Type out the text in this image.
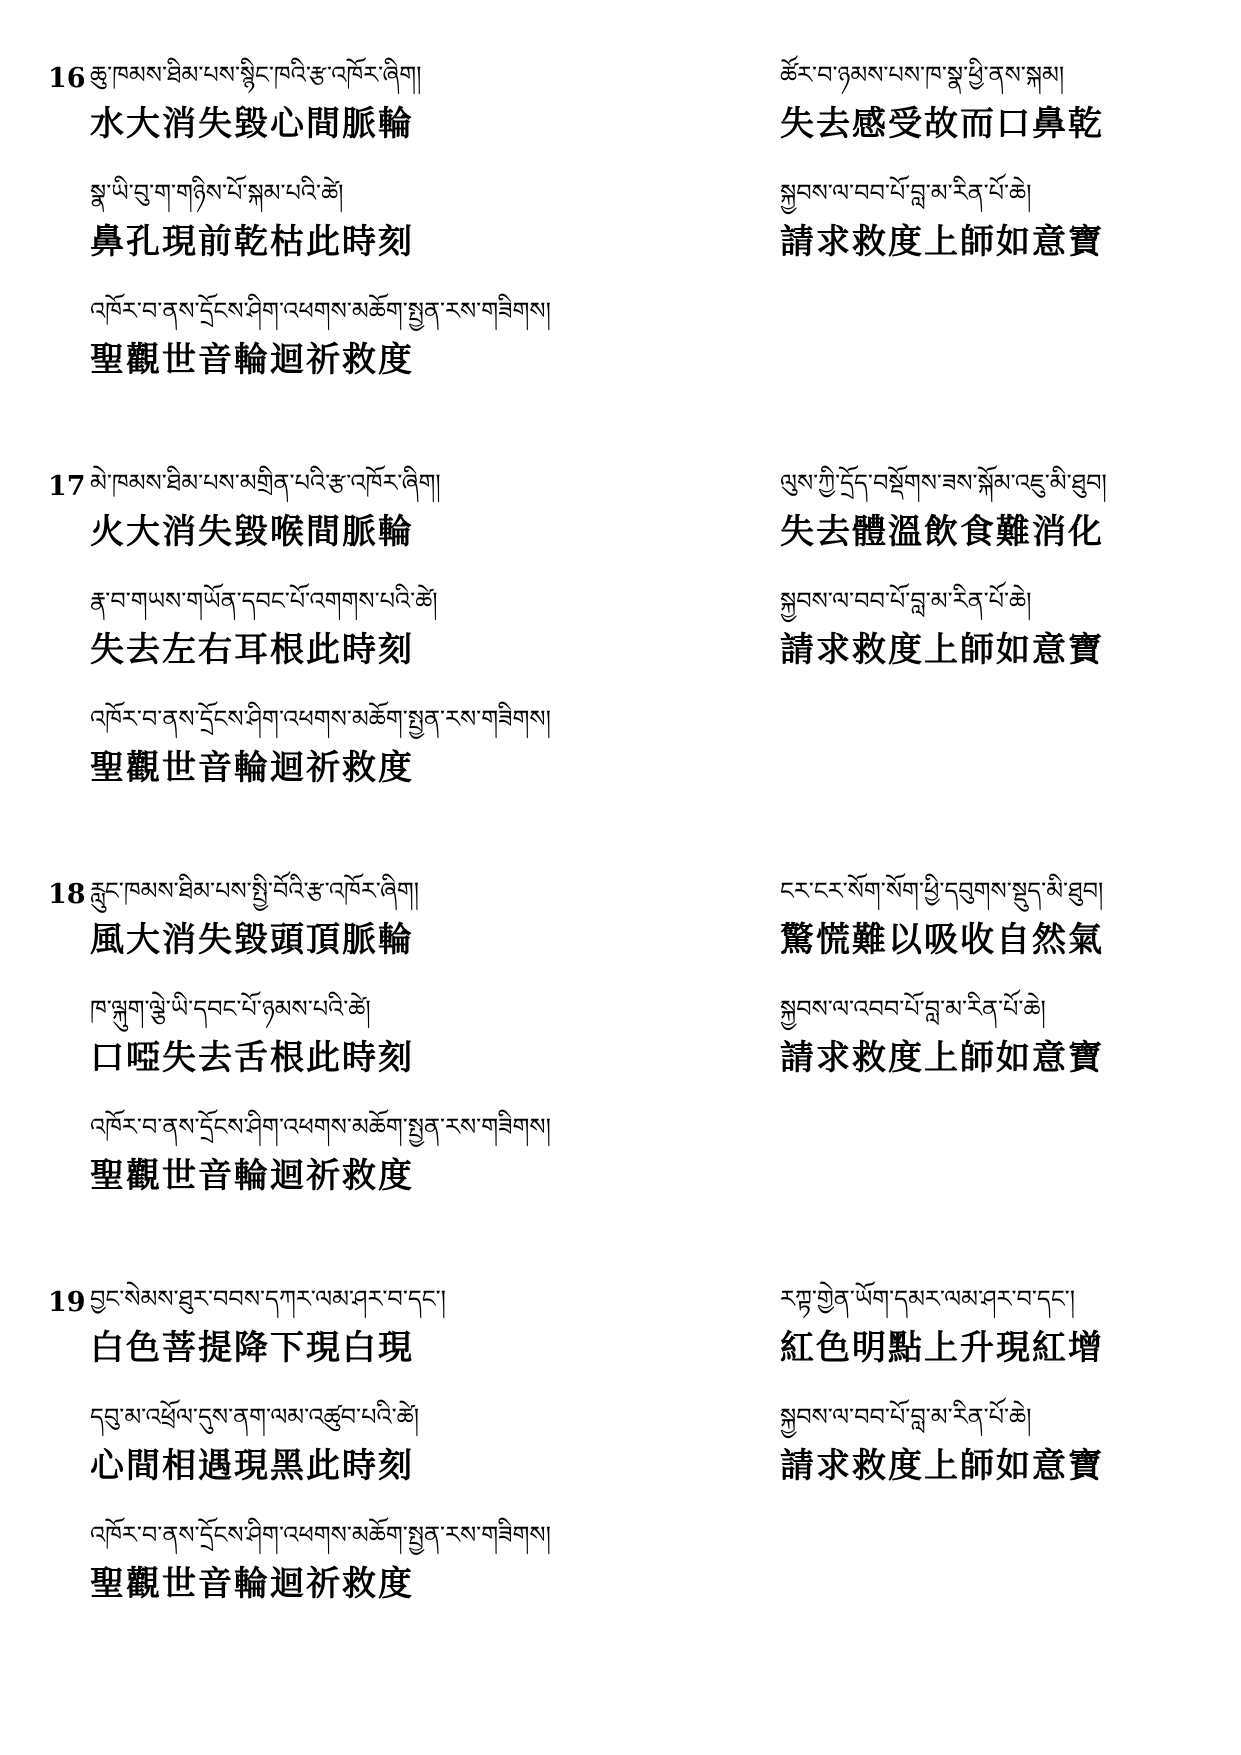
16 ཆུ་ཁམས་ཐིམ་པས་སྙིང་ཁའི་རྩ་འཁོར་ཞིག།
水大消失毀心間脈輪
སྣ་ཡི་བུ་ག་གཉིས་པོ་སྐམ་པའི་ཚེ།
鼻孔現前乾枯此時刻
འཁོར་བ་ནས་དྲོངས་ཤིག་འཕགས་མཆོག་སྤྱན་རས་གཟིགས།
聖觀世音輪迴祈救度
ཚོར་བ་ཉམས་པས་ཁ་སྣ་ཕྱི་ནས་སྐམ།
失去感受故而口鼻乾
སྐྱབས་ལ་བབ་པོ་བླ་མ་རིན་པོ་ཆེ།
請求救度上師如意寶
17 མེ་ཁམས་ཐིམ་པས་མགྲིན་པའི་རྩ་འཁོར་ཞིག།
火大消失毀喉間脈輪
རྣ་བ་གཡས་གཡོན་དབང་པོ་འགགས་པའི་ཚེ།
失去左右耳根此時刻
འཁོར་བ་ནས་དྲོངས་ཤིག་འཕགས་མཆོག་སྤྱན་རས་གཟིགས།
聖觀世音輪迴祈救度
ལུས་ཀྱི་དྲོད་བསྡོགས་ཟས་སྐོམ་འཇུ་མི་ཐུབ།
失去體溫飲食難消化
སྐྱབས་ལ་བབ་པོ་བླ་མ་རིན་པོ་ཆེ།
請求救度上師如意寶
18 རླུང་ཁམས་ཐིམ་པས་སྤྱི་བོའི་རྩ་འཁོར་ཞིག།
風大消失毀頭頂脈輪
ཁ་ལྐུག་ལྕེ་ཡི་དབང་པོ་ཉམས་པའི་ཚེ།
口啞失去舌根此時刻
འཁོར་བ་ནས་དྲོངས་ཤིག་འཕགས་མཆོག་སྤྱན་རས་གཟིགས།
聖觀世音輪迴祈救度
ངར་ངར་སོག་སོག་ཕྱི་དབུགས་སྡུད་མི་ཐུབ།
驚慌難以吸收自然氣
སྐྱབས་ལ་འབབ་པོ་བླ་མ་རིན་པོ་ཆེ།
請求救度上師如意寶
19 བྱང་སེམས་ཐུར་བབས་དཀར་ལམ་ཤར་བ་དང་།
白色菩提降下現白現
དབུ་མ་འཕྲོལ་དུས་ནག་ལམ་འཚུབ་པའི་ཚེ།
心間相遇現黑此時刻
འཁོར་བ་ནས་དྲོངས་ཤིག་འཕགས་མཆོག་སྤྱན་རས་གཟིགས།
聖觀世音輪迴祈救度
རཀྟ་གྱེན་ཡོག་དམར་ལམ་ཤར་བ་དང་།
紅色明點上升現紅增
སྐྱབས་ལ་བབ་པོ་བླ་མ་རིན་པོ་ཆེ།
請求救度上師如意寶
